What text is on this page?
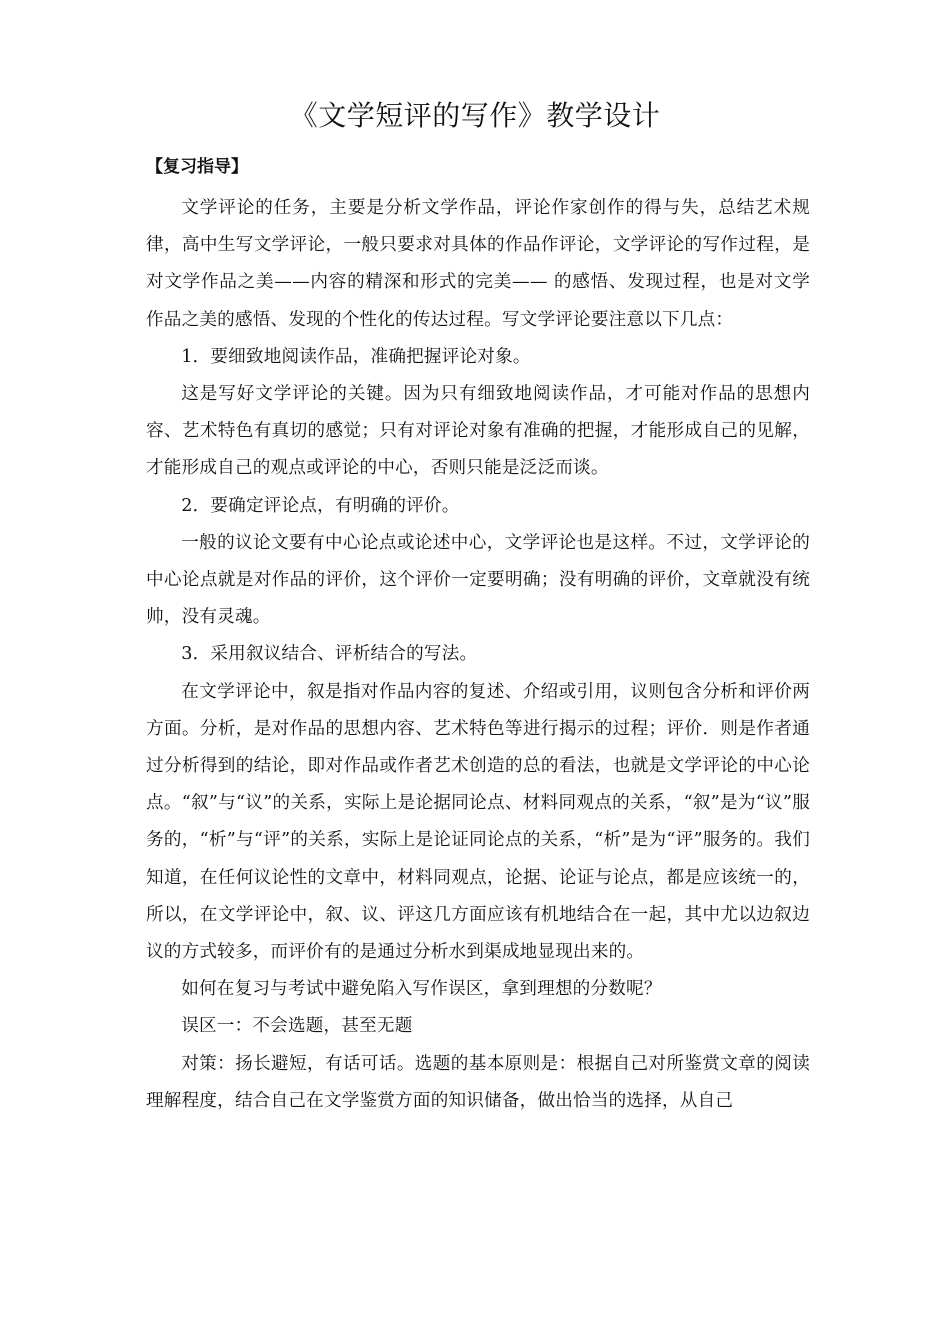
《文学短评的写作》教学设计
【复习指导】

文学评论的任务，主要是分析文学作品，评论作家创作的得与失，总结艺术规律，高中生写文学评论，一般只要求对具体的作品作评论，文学评论的写作过程，是对文学作品之美——内容的精深和形式的完美—— 的感悟、发现过程，也是对文学作品之美的感悟、发现的个性化的传达过程。写文学评论要注意以下几点：

1．要细致地阅读作品，准确把握评论对象。

这是写好文学评论的关键。因为只有细致地阅读作品，才可能对作品的思想内容、艺术特色有真切的感觉；只有对评论对象有准确的把握，才能形成自己的见解，才能形成自己的观点或评论的中心，否则只能是泛泛而谈。

2．要确定评论点，有明确的评价。

一般的议论文要有中心论点或论述中心，文学评论也是这样。不过，文学评论的中心论点就是对作品的评价，这个评价一定要明确；没有明确的评价，文章就没有统帅，没有灵魂。

3．采用叙议结合、评析结合的写法。

在文学评论中，叙是指对作品内容的复述、介绍或引用，议则包含分析和评价两方面。分析，是对作品的思想内容、艺术特色等进行揭示的过程；评价．则是作者通过分析得到的结论，即对作品或作者艺术创造的总的看法，也就是文学评论的中心论点。“叙”与“议”的关系，实际上是论据同论点、材料同观点的关系，“叙”是为“议”服务的，“析”与“评”的关系，实际上是论证同论点的关系，“析”是为“评”服务的。我们知道，在任何议论性的文章中，材料同观点，论据、论证与论点，都是应该统一的，所以，在文学评论中，叙、议、评这几方面应该有机地结合在一起，其中尤以边叙边议的方式较多，而评价有的是通过分析水到渠成地显现出来的。

如何在复习与考试中避免陷入写作误区，拿到理想的分数呢？

误区一：不会选题，甚至无题

对策：扬长避短，有话可话。选题的基本原则是：根据自己对所鉴赏文章的阅读理解程度，结合自己在文学鉴赏方面的知识储备，做出恰当的选择，从自己
